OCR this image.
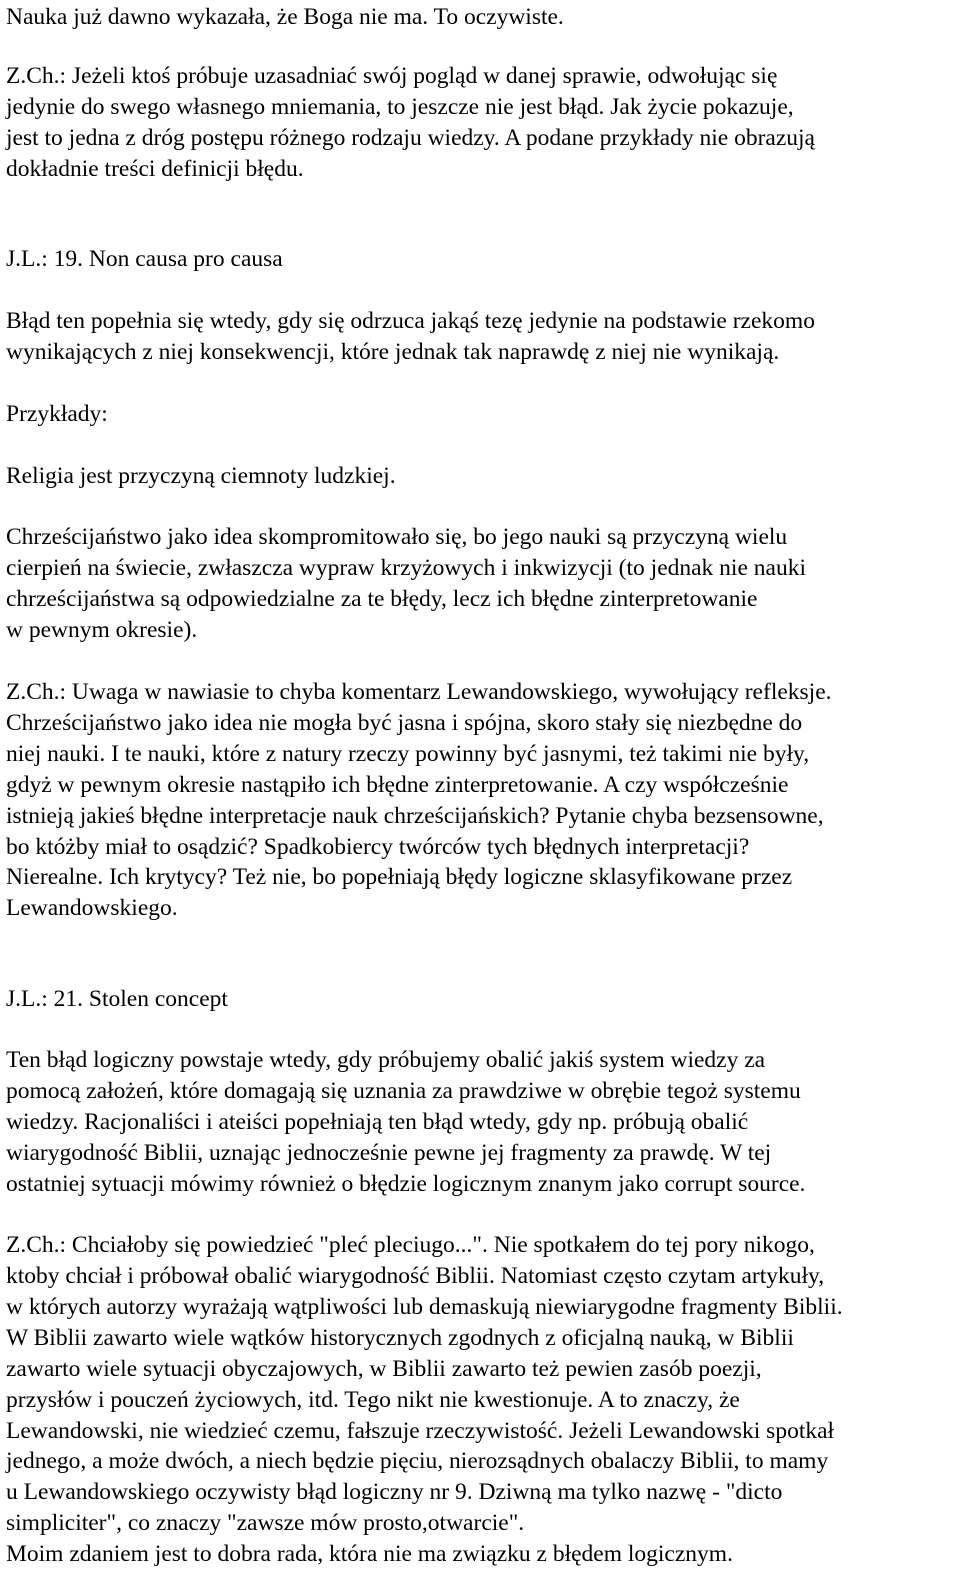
Nauka już dawno wykazała, że Boga nie ma. To oczywiste.
Z.Ch.: Jeżeli ktoś próbuje uzasadniać swój pogląd w danej sprawie, odwołując się
jedynie do swego własnego mniemania, to jeszcze nie jest błąd. Jak życie pokazuje,
jest to jedna z dróg postępu różnego rodzaju wiedzy. A podane przykłady nie obrazują
dokładnie treści definicji błędu.
J.L.: 19. Non causa pro causa
Błąd ten popełnia się wtedy, gdy się odrzuca jakąś tezę jedynie na podstawie rzekomo
wynikających z niej konsekwencji, które jednak tak naprawdę z niej nie wynikają.
Przykłady:
Religia jest przyczyną ciemnoty ludzkiej.
Chrześcijaństwo jako idea skompromitowało się, bo jego nauki są przyczyną wielu
cierpień na świecie, zwłaszcza wypraw krzyżowych i inkwizycji (to jednak nie nauki
chrześcijaństwa są odpowiedzialne za te błędy, lecz ich błędne zinterpretowanie
w pewnym okresie).
Z.Ch.: Uwaga w nawiasie to chyba komentarz Lewandowskiego, wywołujący refleksje.
Chrześcijaństwo jako idea nie mogła być jasna i spójna, skoro stały się niezbędne do
niej nauki. I te nauki, które z natury rzeczy powinny być jasnymi, też takimi nie były,
gdyż w pewnym okresie nastąpiło ich błędne zinterpretowanie. A czy współcześnie
istnieją jakieś błędne interpretacje nauk chrześcijańskich? Pytanie chyba bezsensowne,
bo któżby miał to osądzić? Spadkobiercy twórców tych błędnych interpretacji?
Nierealne. Ich krytycy? Też nie, bo popełniają błędy logiczne sklasyfikowane przez
Lewandowskiego.
J.L.: 21. Stolen concept
Ten błąd logiczny powstaje wtedy, gdy próbujemy obalić jakiś system wiedzy za
pomocą założeń, które domagają się uznania za prawdziwe w obrębie tegoż systemu
wiedzy. Racjonaliści i ateiści popełniają ten błąd wtedy, gdy np. próbują obalić
wiarygodność Biblii, uznając jednocześnie pewne jej fragmenty za prawdę. W tej
ostatniej sytuacji mówimy również o błędzie logicznym znanym jako corrupt source.
Z.Ch.: Chciałoby się powiedzieć "pleć pleciugo...". Nie spotkałem do tej pory nikogo,
ktoby chciał i próbował obalić wiarygodność Biblii. Natomiast często czytam artykuły,
w których autorzy wyrażają wątpliwości lub demaskują niewiarygodne fragmenty Biblii.
W Biblii zawarto wiele wątków historycznych zgodnych z oficjalną nauką, w Biblii
zawarto wiele sytuacji obyczajowych, w Biblii zawarto też pewien zasób poezji,
przysłów i pouczeń życiowych, itd. Tego nikt nie kwestionuje. A to znaczy, że
Lewandowski, nie wiedzieć czemu, fałszuje rzeczywistość. Jeżeli Lewandowski spotkał
jednego, a może dwóch, a niech będzie pięciu, nierozsądnych obalaczy Biblii, to mamy
u Lewandowskiego oczywisty błąd logiczny nr 9. Dziwną ma tylko nazwę - "dicto
simpliciter", co znaczy "zawsze mów prosto,otwarcie".
Moim zdaniem jest to dobra rada, która nie ma związku z błędem logicznym.
